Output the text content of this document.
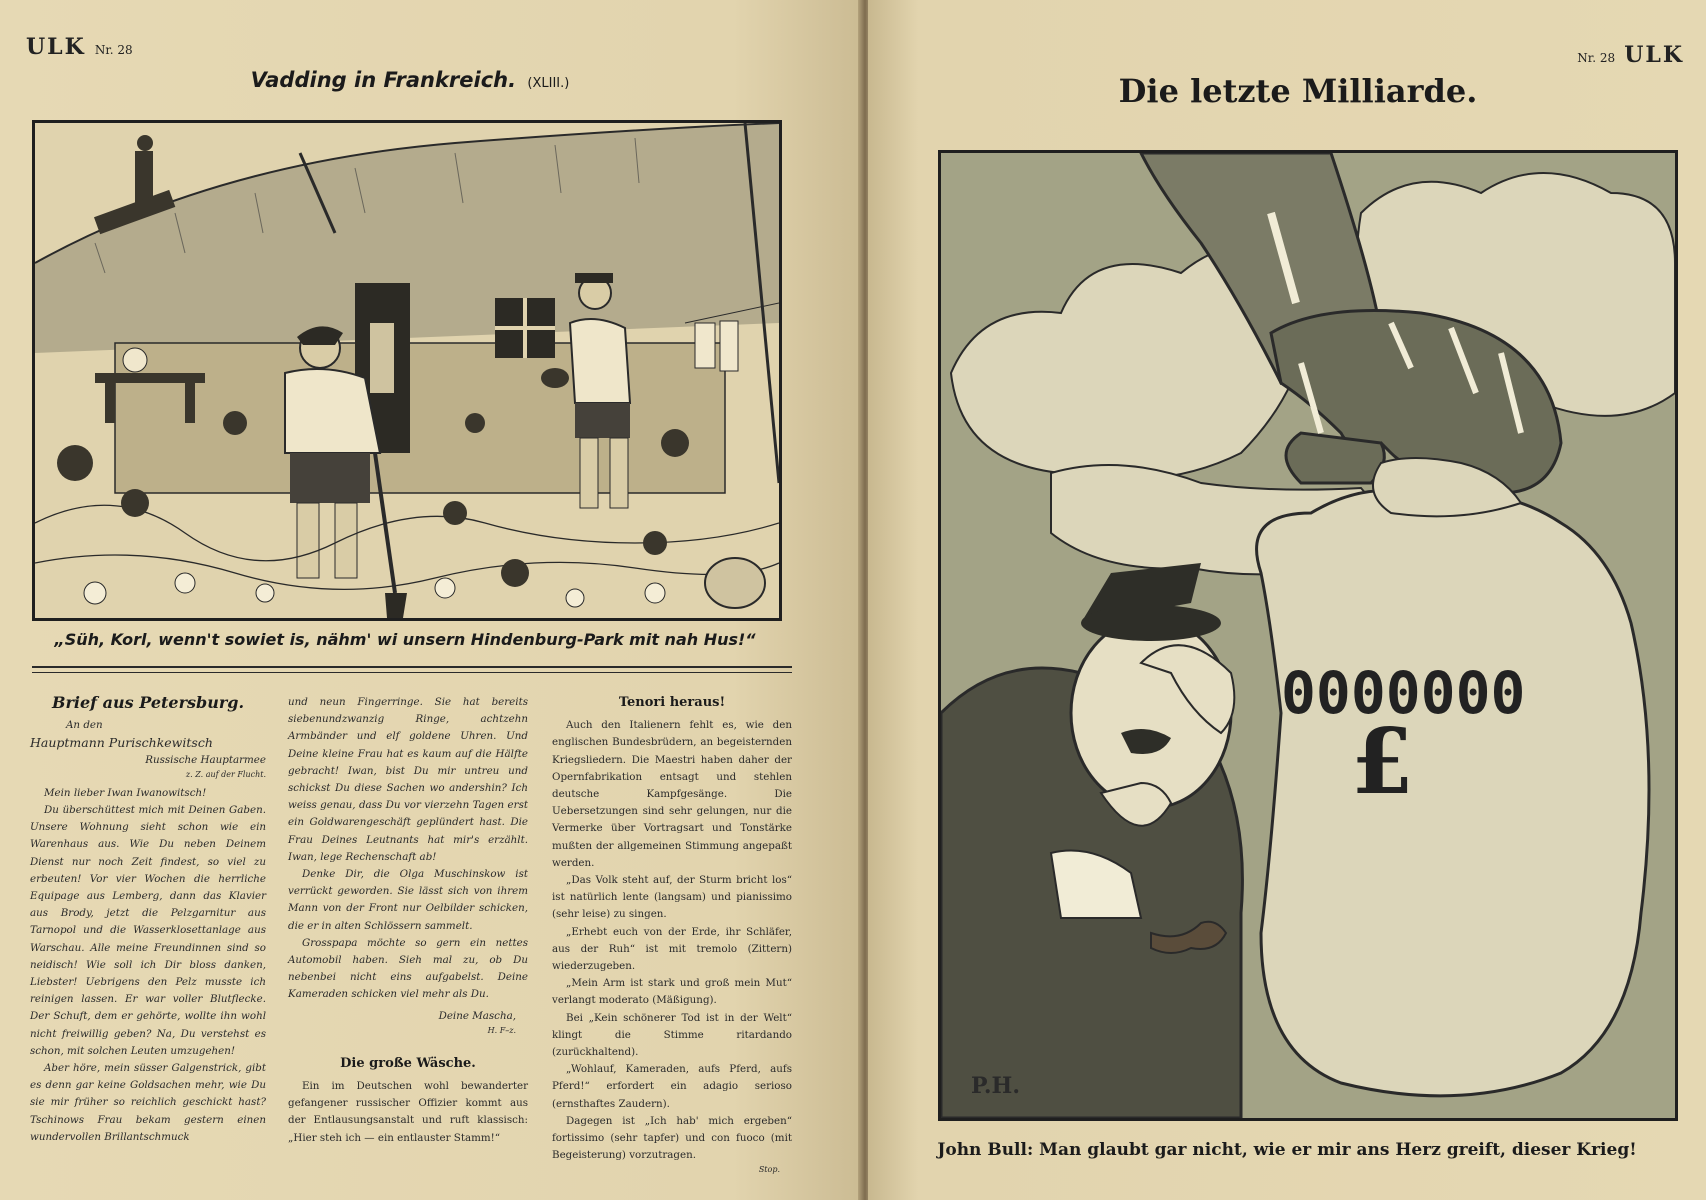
ULK Nr. 28
Vadding in Frankreich. (XLIII.)
„Süh, Korl, wenn't sowiet is, nähm' wi unsern Hindenburg-Park mit nah Hus!“
Brief aus Petersburg.
An den
Hauptmann Purischkewitsch
Russische Hauptarmee
z. Z. auf der Flucht.

Mein lieber Iwan Iwanowitsch!

Du überschüttest mich mit Deinen Gaben. Unsere Wohnung sieht schon wie ein Warenhaus aus. Wie Du neben Deinem Dienst nur noch Zeit findest, so viel zu erbeuten! Vor vier Wochen die herrliche Equipage aus Lemberg, dann das Klavier aus Brody, jetzt die Pelzgarnitur aus Tarnopol und die Wasserklosettanlage aus Warschau. Alle meine Freundinnen sind so neidisch! Wie soll ich Dir bloss danken, Liebster! Uebrigens den Pelz musste ich reinigen lassen. Er war voller Blutflecke. Der Schuft, dem er gehörte, wollte ihn wohl nicht freiwillig geben? Na, Du verstehst es schon, mit solchen Leuten umzugehen!

Aber höre, mein süsser Galgenstrick, gibt es denn gar keine Goldsachen mehr, wie Du sie mir früher so reichlich geschickt hast? Tschinows Frau bekam gestern einen wundervollen Brillantschmuck

und neun Fingerringe. Sie hat bereits siebenundzwanzig Ringe, achtzehn Armbänder und elf goldene Uhren. Und Deine kleine Frau hat es kaum auf die Hälfte gebracht! Iwan, bist Du mir untreu und schickst Du diese Sachen wo andershin? Ich weiss genau, dass Du vor vierzehn Tagen erst ein Goldwarengeschäft geplündert hast. Die Frau Deines Leutnants hat mir's erzählt. Iwan, lege Rechenschaft ab!

Denke Dir, die Olga Muschinskow ist verrückt geworden. Sie lässt sich von ihrem Mann von der Front nur Oelbilder schicken, die er in alten Schlössern sammelt.

Grosspapa möchte so gern ein nettes Automobil haben. Sieh mal zu, ob Du nebenbei nicht eins aufgabelst. Deine Kameraden schicken viel mehr als Du.

Deine Mascha,
H. F–z.
Die große Wäsche.

Ein im Deutschen wohl bewanderter gefangener russischer Offizier kommt aus der Entlausungsanstalt und ruft klassisch: „Hier steh ich — ein entlauster Stamm!“

Tenori heraus!

Auch den Italienern fehlt es, wie den englischen Bundesbrüdern, an begeisternden Kriegsliedern. Die Maestri haben daher der Opernfabrikation entsagt und stehlen deutsche Kampfgesänge. Die Uebersetzungen sind sehr gelungen, nur die Vermerke über Vortragsart und Tonstärke mußten der allgemeinen Stimmung angepaßt werden.

„Das Volk steht auf, der Sturm bricht los“ ist natürlich lente (langsam) und pianissimo (sehr leise) zu singen.

„Erhebt euch von der Erde, ihr Schläfer, aus der Ruh“ ist mit tremolo (Zittern) wiederzugeben.

„Mein Arm ist stark und groß mein Mut“ verlangt moderato (Mäßigung).

Bei „Kein schönerer Tod ist in der Welt“ klingt die Stimme ritardando (zurückhaltend).

„Wohlauf, Kameraden, aufs Pferd, aufs Pferd!“ erfordert ein adagio serioso (ernsthaftes Zaudern).

Dagegen ist „Ich hab' mich ergeben“ fortissimo (sehr tapfer) und con fuoco (mit Begeisterung) vorzutragen.

Stop.
Nr. 28 ULK
Die letzte Milliarde.
0000000
£
P.H.
John Bull: Man glaubt gar nicht, wie er mir ans Herz greift, dieser Krieg!
